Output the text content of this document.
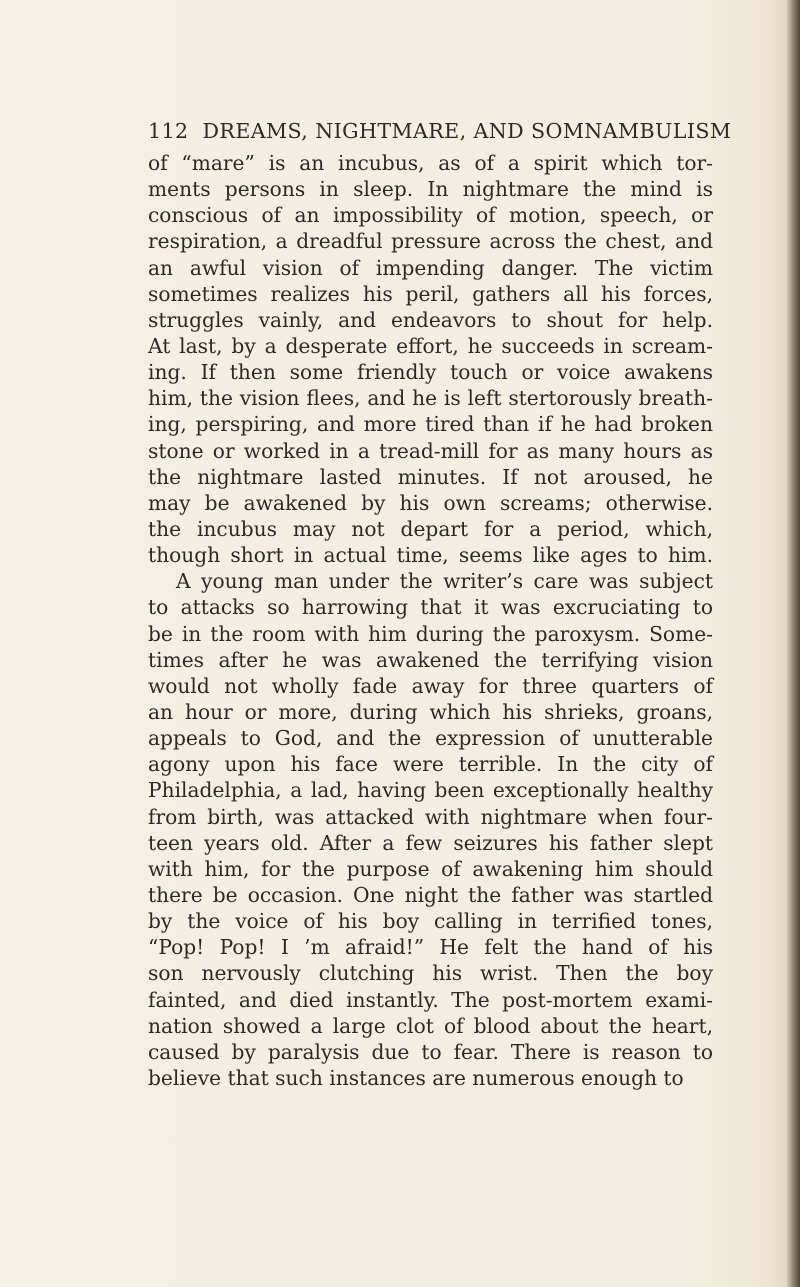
112 DREAMS, NIGHTMARE, AND SOMNAMBULISM
of “mare” is an incubus, as of a spirit which tor-
ments persons in sleep. In nightmare the mind is
conscious of an impossibility of motion, speech, or
respiration, a dreadful pressure across the chest, and
an awful vision of impending danger. The victim
sometimes realizes his peril, gathers all his forces,
struggles vainly, and endeavors to shout for help.
At last, by a desperate effort, he succeeds in scream-
ing. If then some friendly touch or voice awakens
him, the vision flees, and he is left stertorously breath-
ing, perspiring, and more tired than if he had broken
stone or worked in a tread-mill for as many hours as
the nightmare lasted minutes. If not aroused, he
may be awakened by his own screams; otherwise.
the incubus may not depart for a period, which,
though short in actual time, seems like ages to him.
A young man under the writer’s care was subject
to attacks so harrowing that it was excruciating to
be in the room with him during the paroxysm. Some-
times after he was awakened the terrifying vision
would not wholly fade away for three quarters of
an hour or more, during which his shrieks, groans,
appeals to God, and the expression of unutterable
agony upon his face were terrible. In the city of
Philadelphia, a lad, having been exceptionally healthy
from birth, was attacked with nightmare when four-
teen years old. After a few seizures his father slept
with him, for the purpose of awakening him should
there be occasion. One night the father was startled
by the voice of his boy calling in terrified tones,
“Pop! Pop! I ’m afraid!” He felt the hand of his
son nervously clutching his wrist. Then the boy
fainted, and died instantly. The post-mortem exami-
nation showed a large clot of blood about the heart,
caused by paralysis due to fear. There is reason to
believe that such instances are numerous enough to
